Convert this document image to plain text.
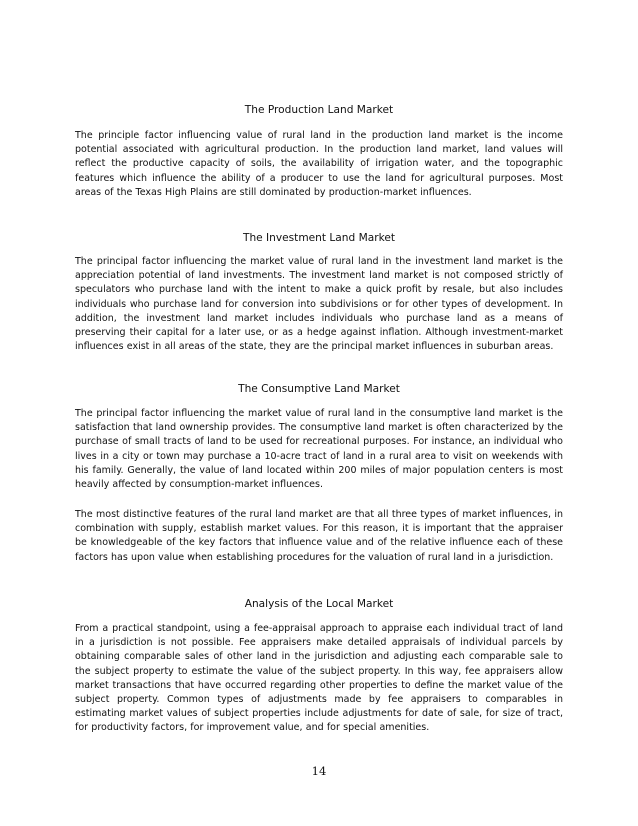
The Production Land Market

The principle factor influencing value of rural land in the production land market is the income potential associated with agricultural production. In the production land market, land values will reflect the productive capacity of soils, the availability of irrigation water, and the topographic features which influence the ability of a producer to use the land for agricultural purposes. Most areas of the Texas High Plains are still dominated by production-market influences.

The Investment Land Market

The principal factor influencing the market value of rural land in the investment land market is the appreciation potential of land investments. The investment land market is not composed strictly of speculators who purchase land with the intent to make a quick profit by resale, but also includes individuals who purchase land for conversion into subdivisions or for other types of development. In addition, the investment land market includes individuals who purchase land as a means of preserving their capital for a later use, or as a hedge against inflation. Although investment-market influences exist in all areas of the state, they are the principal market influences in suburban areas.

The Consumptive Land Market

The principal factor influencing the market value of rural land in the consumptive land market is the satisfaction that land ownership provides. The consumptive land market is often characterized by the purchase of small tracts of land to be used for recreational purposes. For instance, an individual who lives in a city or town may purchase a 10-acre tract of land in a rural area to visit on weekends with his family. Generally, the value of land located within 200 miles of major population centers is most heavily affected by consumption-market influences.

The most distinctive features of the rural land market are that all three types of market influences, in combination with supply, establish market values. For this reason, it is important that the appraiser be knowledgeable of the key factors that influence value and of the relative influence each of these factors has upon value when establishing procedures for the valuation of rural land in a jurisdiction.

Analysis of the Local Market

From a practical standpoint, using a fee-appraisal approach to appraise each individual tract of land in a jurisdiction is not possible. Fee appraisers make detailed appraisals of individual parcels by obtaining comparable sales of other land in the jurisdiction and adjusting each comparable sale to the subject property to estimate the value of the subject property. In this way, fee appraisers allow market transactions that have occurred regarding other properties to define the market value of the subject property. Common types of adjustments made by fee appraisers to comparables in estimating market values of subject properties include adjustments for date of sale, for size of tract, for productivity factors, for improvement value, and for special amenities.

14
